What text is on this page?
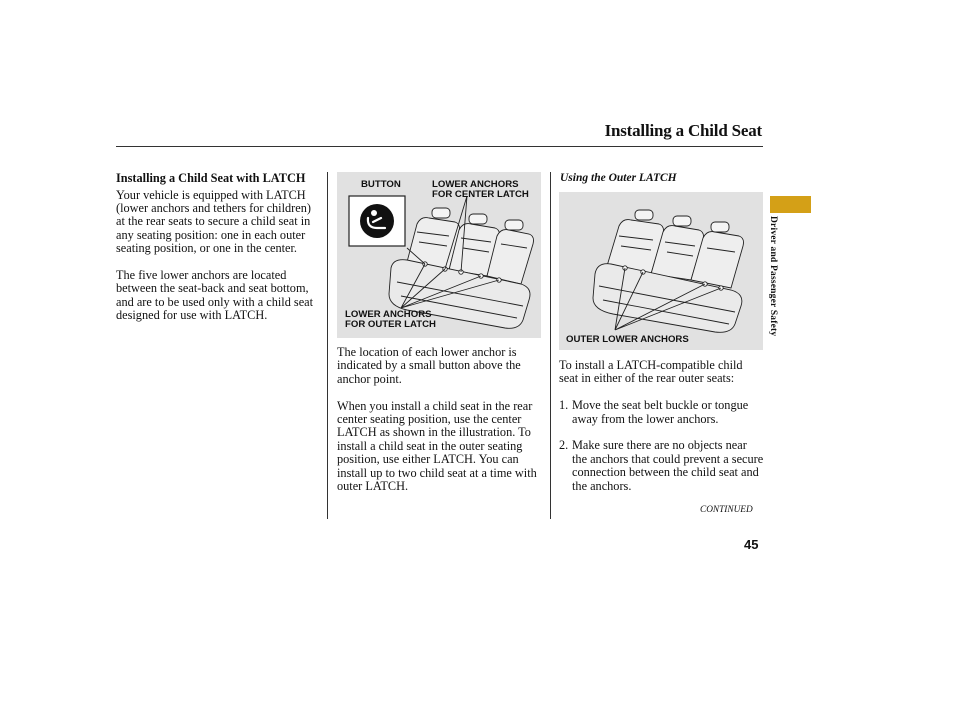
Installing a Child Seat
Installing a Child Seat with LATCH

Your vehicle is equipped with LATCH (lower anchors and tethers for children) at the rear seats to secure a child seat in any seating position: one in each outer seating position, or one in the center.

The five lower anchors are located between the seat-back and seat bottom, and are to be used only with a child seat designed for use with LATCH.

BUTTON	LOWER ANCHORS
FOR CENTER LATCH
LOWER ANCHORS
FOR OUTER LATCH

The location of each lower anchor is indicated by a small button above the anchor point.

When you install a child seat in the rear center seating position, use the center LATCH as shown in the illustration. To install a child seat in the outer seating position, use either LATCH. You can install up to two child seat at a time with outer LATCH.

Using the Outer LATCH
OUTER LOWER ANCHORS

To install a LATCH-compatible child seat in either of the rear outer seats:

1. Move the seat belt buckle or tongue away from the lower anchors.
2. Make sure there are no objects near the anchors that could prevent a secure connection between the child seat and the anchors.
CONTINUED
Driver and Passenger Safety
45
